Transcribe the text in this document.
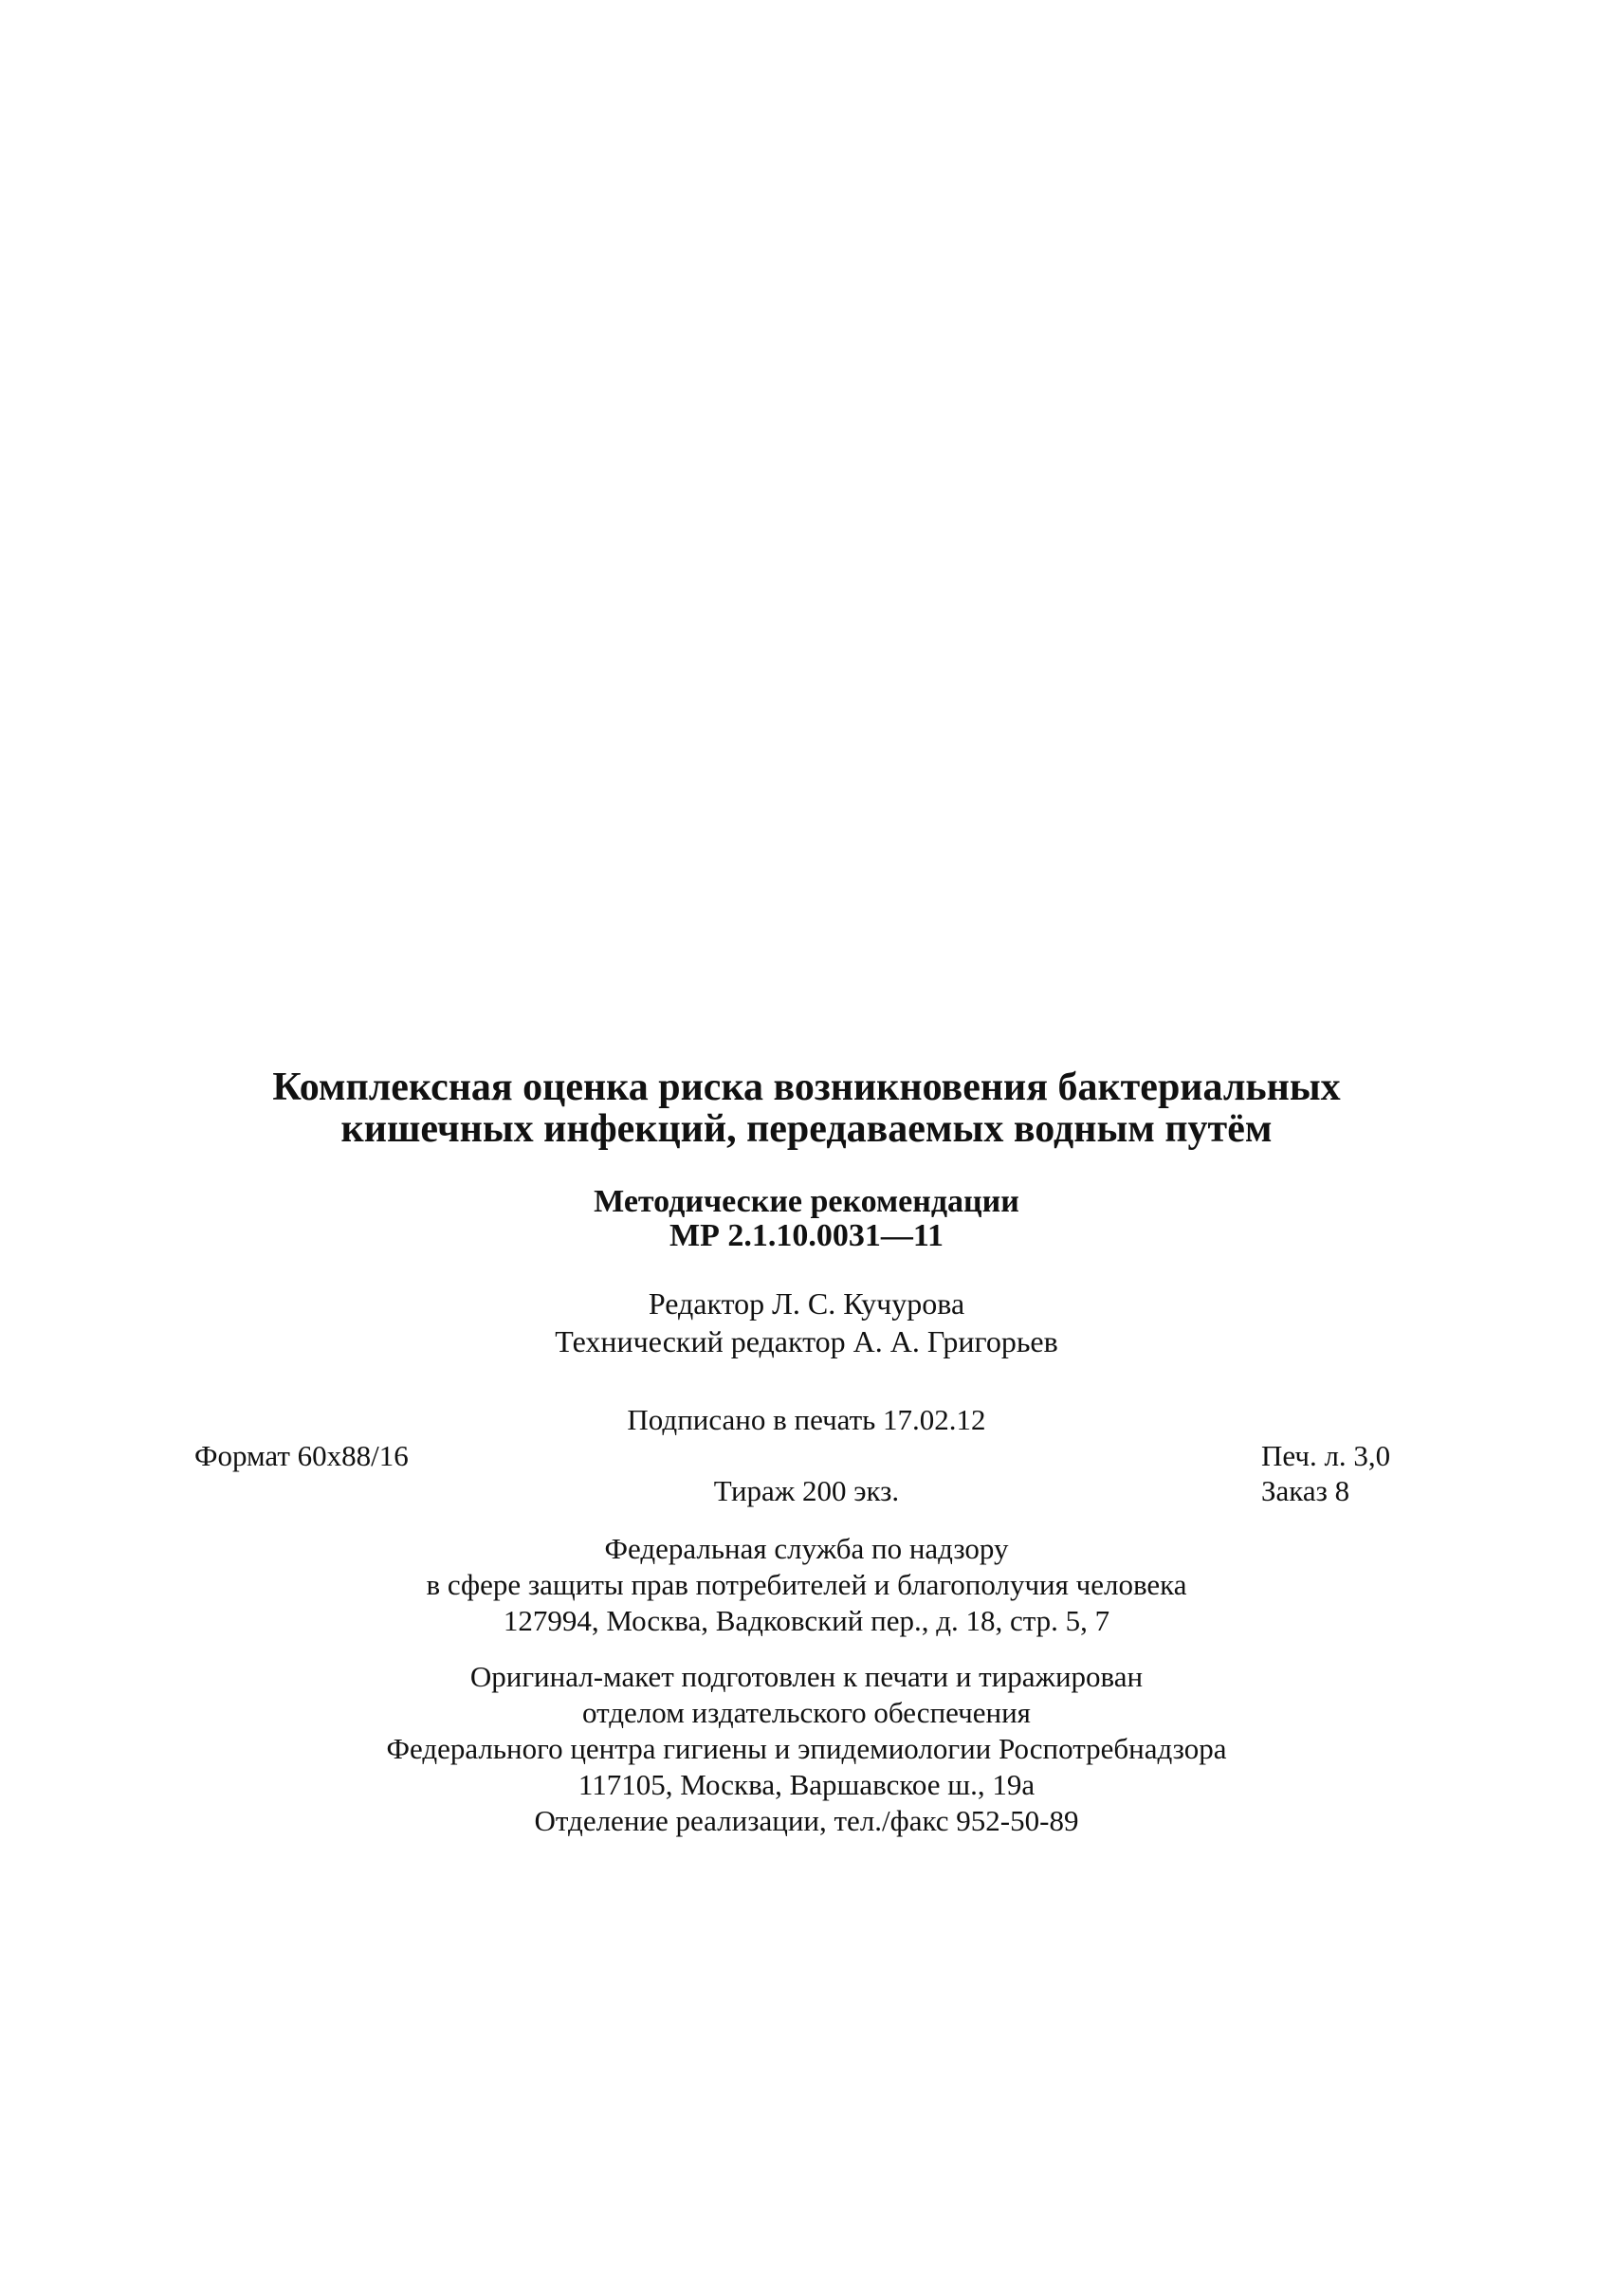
Комплексная оценка риска возникновения бактериальных
кишечных инфекций, передаваемых водным путём
Методические рекомендации
МР 2.1.10.0031—11
Редактор Л. С. Кучурова
Технический редактор А. А. Григорьев
Подписано в печать 17.02.12
Формат 60x88/16	Печ. л. 3,0
Тираж 200 экз.	Заказ 8
Федеральная служба по надзору
в сфере защиты прав потребителей и благополучия человека
127994, Москва, Вадковский пер., д. 18, стр. 5, 7
Оригинал-макет подготовлен к печати и тиражирован
отделом издательского обеспечения
Федерального центра гигиены и эпидемиологии Роспотребнадзора
117105, Москва, Варшавское ш., 19а
Отделение реализации, тел./факс 952-50-89
